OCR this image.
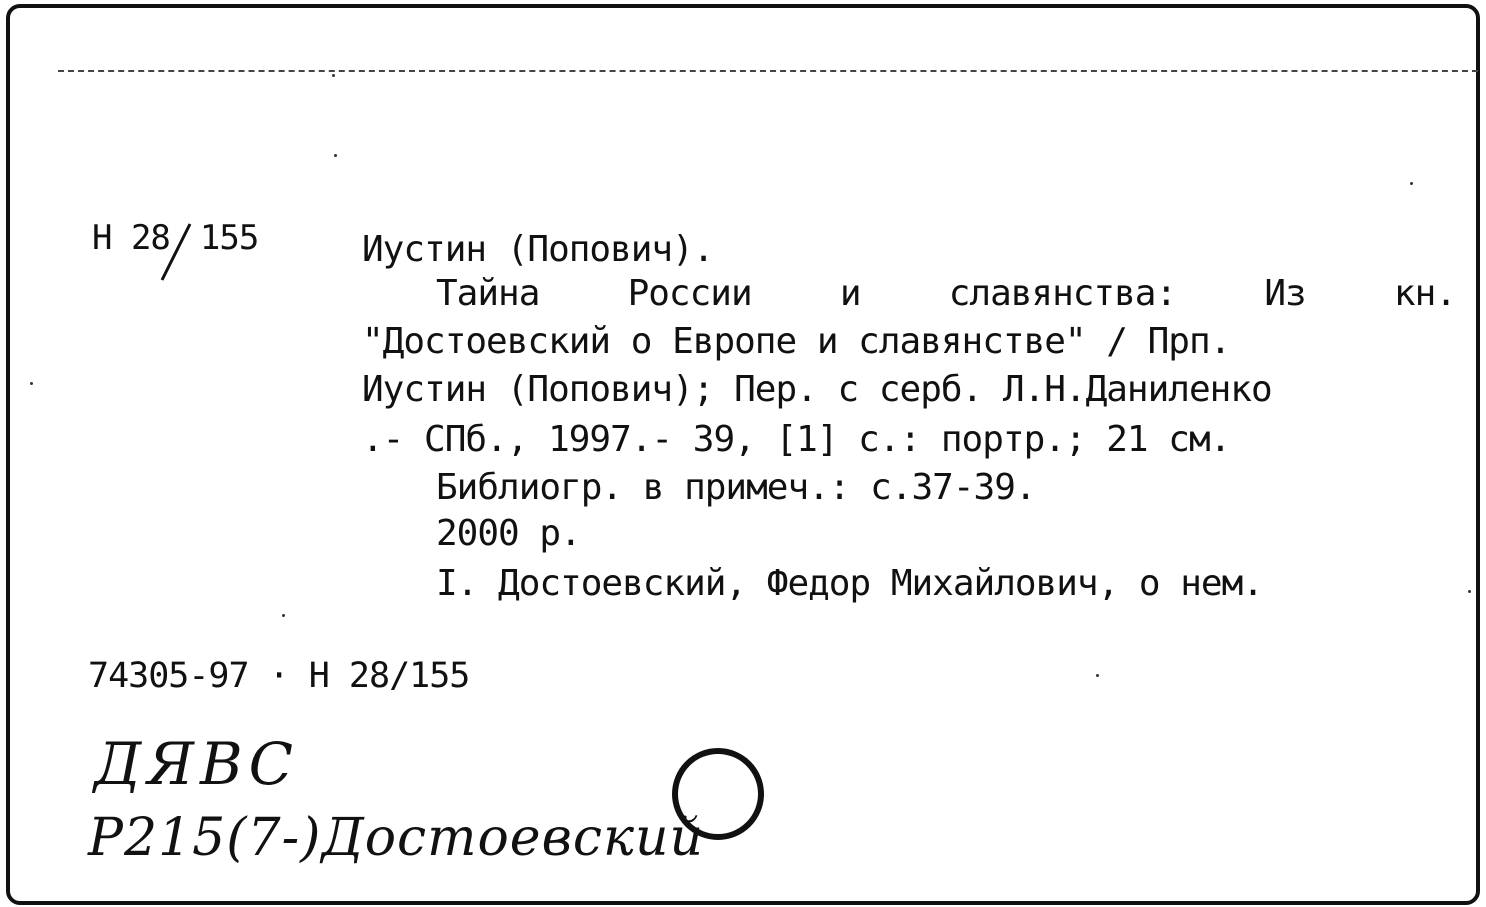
Н 28 155	Иустин (Попович).
Тайна России и славянства: Из кн.
"Достоевский о Европе и славянстве" / Прп.
Иустин (Попович); Пер. с серб. Л.Н.Даниленко
.- СПб., 1997.- 39, [1] с.: портр.; 21 см.
Библиогр. в примеч.: с.37-39.
2000 р.
I. Достоевский, Федор Михайлович, о нем.
74305-97 · Н 28/155
ДЯВС
Р215(7-)Достоевский
